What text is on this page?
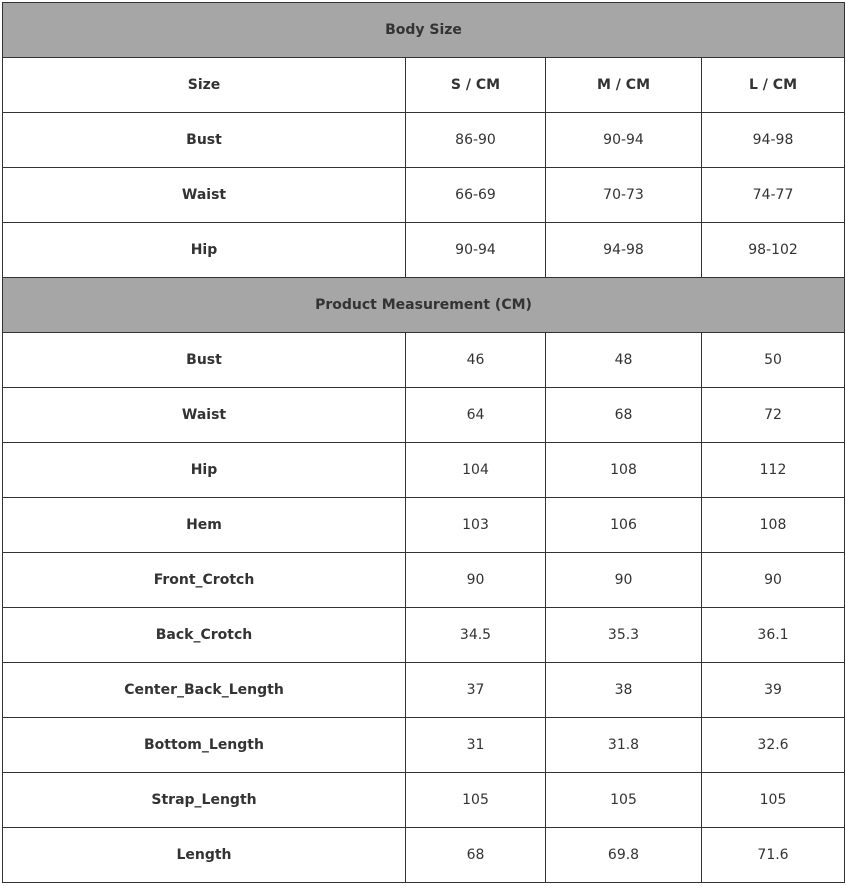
Body Size			
Size	S / CM	M / CM	L / CM
Bust	86-90	90-94	94-98
Waist	66-69	70-73	74-77
Hip	90-94	94-98	98-102
Product Measurement (CM)			
Bust	46	48	50
Waist	64	68	72
Hip	104	108	112
Hem	103	106	108
Front_Crotch	90	90	90
Back_Crotch	34.5	35.3	36.1
Center_Back_Length	37	38	39
Bottom_Length	31	31.8	32.6
Strap_Length	105	105	105
Length	68	69.8	71.6
